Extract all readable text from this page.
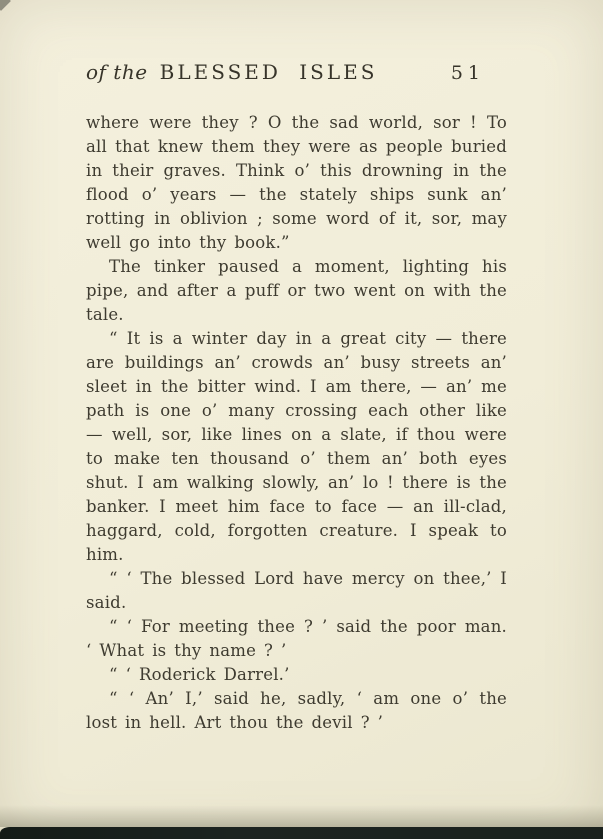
of the BLESSED ISLES	51

where were they ? O the sad world, sor ! To all that knew them they were as people buried in their graves. Think o’ this drowning in the flood o’ years — the stately ships sunk an’ rotting in oblivion ; some word of it, sor, may well go into thy book.”

The tinker paused a moment, lighting his pipe, and after a puff or two went on with the tale.

“ It is a winter day in a great city — there are buildings an’ crowds an’ busy streets an’ sleet in the bitter wind. I am there, — an’ me path is one o’ many crossing each other like — well, sor, like lines on a slate, if thou were to make ten thousand o’ them an’ both eyes shut. I am walking slowly, an’ lo ! there is the banker. I meet him face to face — an ill-clad, haggard, cold, forgotten creature. I speak to him.

“ ‘ The blessed Lord have mercy on thee,’ I said.

“ ‘ For meeting thee ? ’ said the poor man. ‘ What is thy name ? ’

“ ‘ Roderick Darrel.’

“ ‘ An’ I,’ said he, sadly, ‘ am one o’ the lost in hell. Art thou the devil ? ’
